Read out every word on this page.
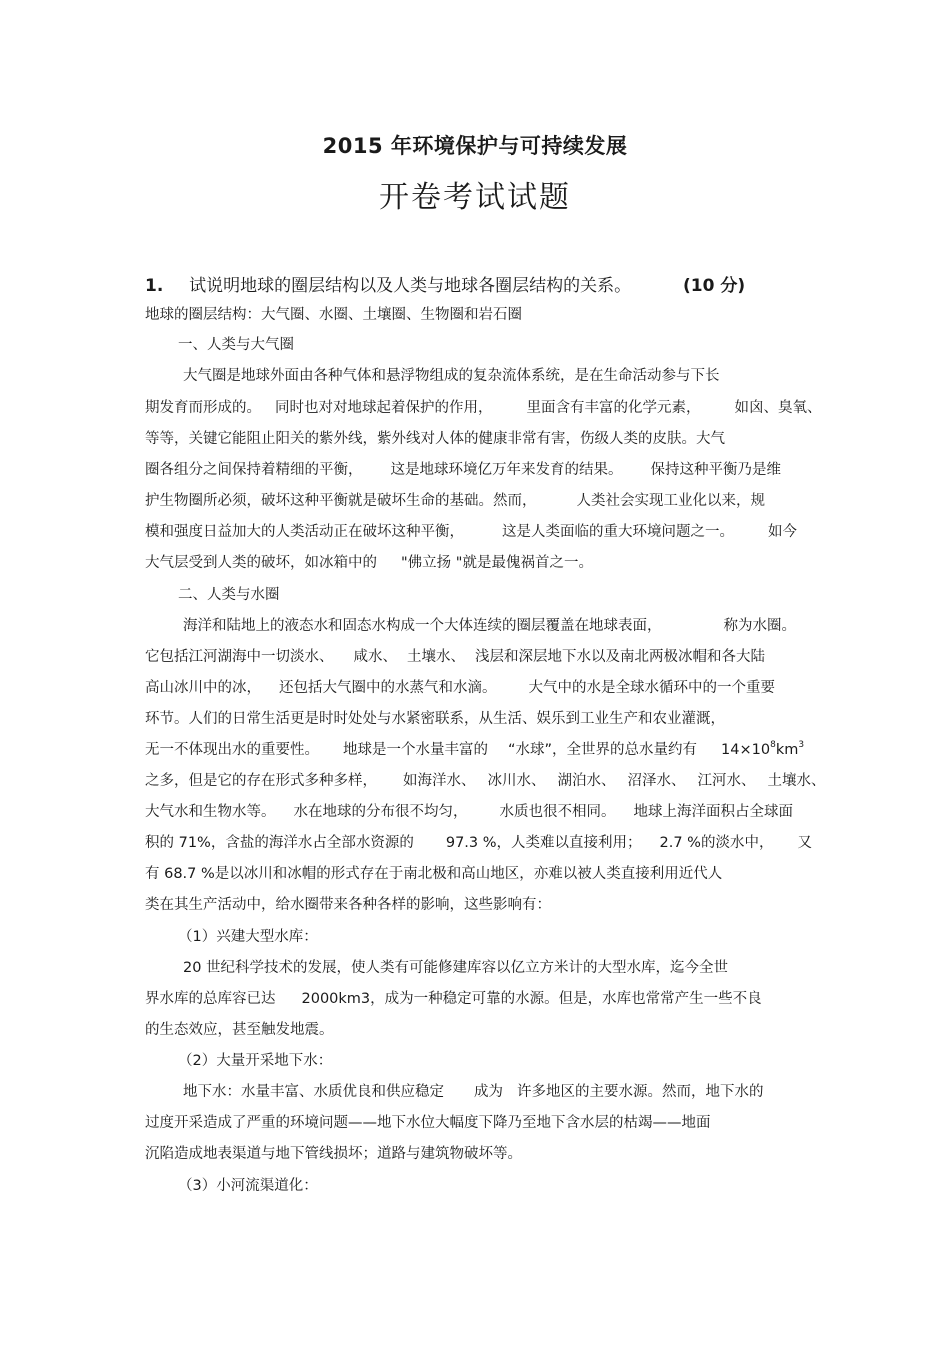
2015 年环境保护与可持续发展
开卷考试试题
1. 试说明地球的圈层结构以及人类与地球各圈层结构的关系。	(10 分)
地球的圈层结构：大气圈、水圈、土壤圈、生物圈和岩石圈
一、人类与大气圈
大气圈是地球外面由各种气体和悬浮物组成的复杂流体系统，是在生命活动参与下长
期发育而形成的。 同时也对对地球起着保护的作用， 里面含有丰富的化学元素， 如囟、臭氧、
等等，关键它能阻止阳关的紫外线，紫外线对人体的健康非常有害，伤级人类的皮肤。大气
圈各组分之间保持着精细的平衡， 这是地球环境亿万年来发育的结果。 保持这种平衡乃是维
护生物圈所必须，破坏这种平衡就是破坏生命的基础。然而，	人类社会实现工业化以来，规
模和强度日益加大的人类活动正在破坏这种平衡，	这是人类面临的重大环境问题之一。 如今
大气层受到人类的破坏，如冰箱中的 "佛立扬 "就是最傀祸首之一。
二、人类与水圈
海洋和陆地上的液态水和固态水构成一个大体连续的圈层覆盖在地球表面，	称为水圈。
它包括江河湖海中一切淡水、 咸水、 土壤水、 浅层和深层地下水以及南北两极冰帽和各大陆
高山冰川中的冰， 还包括大气圈中的水蒸气和水滴。 大气中的水是全球水循环中的一个重要
环节。人们的日常生活更是时时处处与水紧密联系，从生活、娱乐到工业生产和农业灌溉，
无一不体现出水的重要性。 地球是一个水量丰富的 “水球”，全世界的总水量约有 $14\times 10^8km^3$
之多，但是它的存在形式多种多样， 如海洋水、 冰川水、 湖泊水、 沼泽水、 江河水、 土壤水、
大气水和生物水等。 水在地球的分布很不均匀， 水质也很不相同。 地球上海洋面积占全球面
积的 71%，含盐的海洋水占全部水资源的 97.3 %，人类难以直接利用； 2.7 %的淡水中， 又
有 68.7 %是以冰川和冰帽的形式存在于南北极和高山地区，亦难以被人类直接利用近代人
类在其生产活动中，给水圈带来各种各样的影响，这些影响有：
（1）兴建大型水库：
20 世纪科学技术的发展，使人类有可能修建库容以亿立方米计的大型水库，迄今全世
界水库的总库容已达 2000km3，成为一种稳定可靠的水源。但是，水库也常常产生一些不良
的生态效应，甚至触发地震。
（2）大量开采地下水：
地下水：水量丰富、水质优良和供应稳定 成为 许多地区的主要水源。然而，地下水的
过度开采造成了严重的环境问题——地下水位大幅度下降乃至地下含水层的枯竭——地面
沉陷造成地表渠道与地下管线损坏；道路与建筑物破坏等。
（3）小河流渠道化：
